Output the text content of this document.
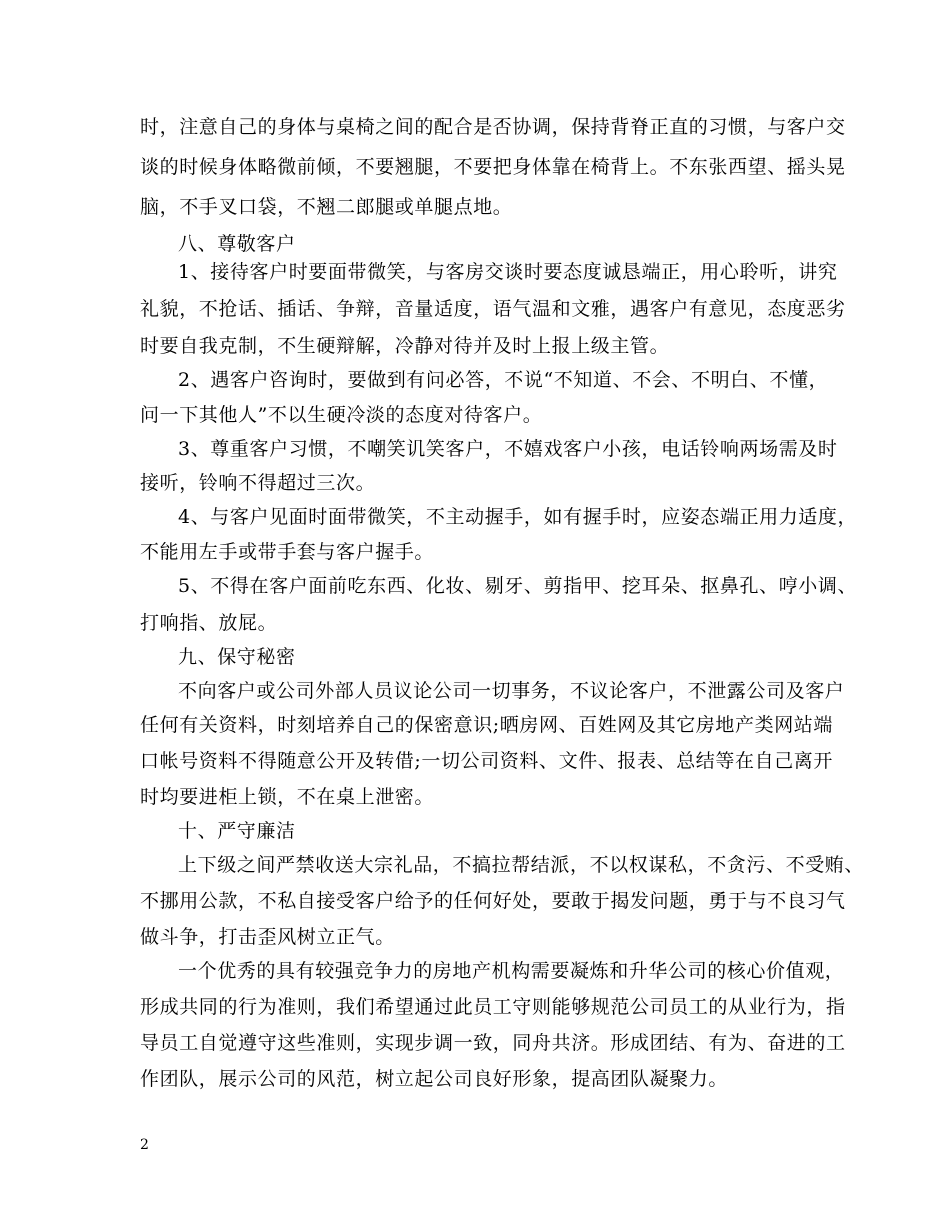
时，注意自己的身体与桌椅之间的配合是否协调，保持背脊正直的习惯，与客户交
谈的时候身体略微前倾，不要翘腿，不要把身体靠在椅背上。不东张西望、摇头晃
脑，不手叉口袋，不翘二郎腿或单腿点地。
八、尊敬客户
1、接待客户时要面带微笑，与客房交谈时要态度诚恳端正，用心聆听，讲究
礼貌，不抢话、插话、争辩，音量适度，语气温和文雅，遇客户有意见，态度恶劣
时要自我克制，不生硬辩解，冷静对待并及时上报上级主管。
2、遇客户咨询时，要做到有问必答，不说“不知道、不会、不明白、不懂，
问一下其他人”不以生硬冷淡的态度对待客户。
3、尊重客户习惯，不嘲笑讥笑客户，不嬉戏客户小孩，电话铃响两场需及时
接听，铃响不得超过三次。
4、与客户见面时面带微笑，不主动握手，如有握手时，应姿态端正用力适度，
不能用左手或带手套与客户握手。
5、不得在客户面前吃东西、化妆、剔牙、剪指甲、挖耳朵、抠鼻孔、哼小调、
打响指、放屁。
九、保守秘密
不向客户或公司外部人员议论公司一切事务，不议论客户，不泄露公司及客户
任何有关资料，时刻培养自己的保密意识;晒房网、百姓网及其它房地产类网站端
口帐号资料不得随意公开及转借;一切公司资料、文件、报表、总结等在自己离开
时均要进柜上锁，不在桌上泄密。
十、严守廉洁
上下级之间严禁收送大宗礼品，不搞拉帮结派，不以权谋私，不贪污、不受贿、
不挪用公款，不私自接受客户给予的任何好处，要敢于揭发问题，勇于与不良习气
做斗争，打击歪风树立正气。
一个优秀的具有较强竞争力的房地产机构需要凝炼和升华公司的核心价值观，
形成共同的行为准则，我们希望通过此员工守则能够规范公司员工的从业行为，指
导员工自觉遵守这些准则，实现步调一致，同舟共济。形成团结、有为、奋进的工
作团队，展示公司的风范，树立起公司良好形象，提高团队凝聚力。
2
